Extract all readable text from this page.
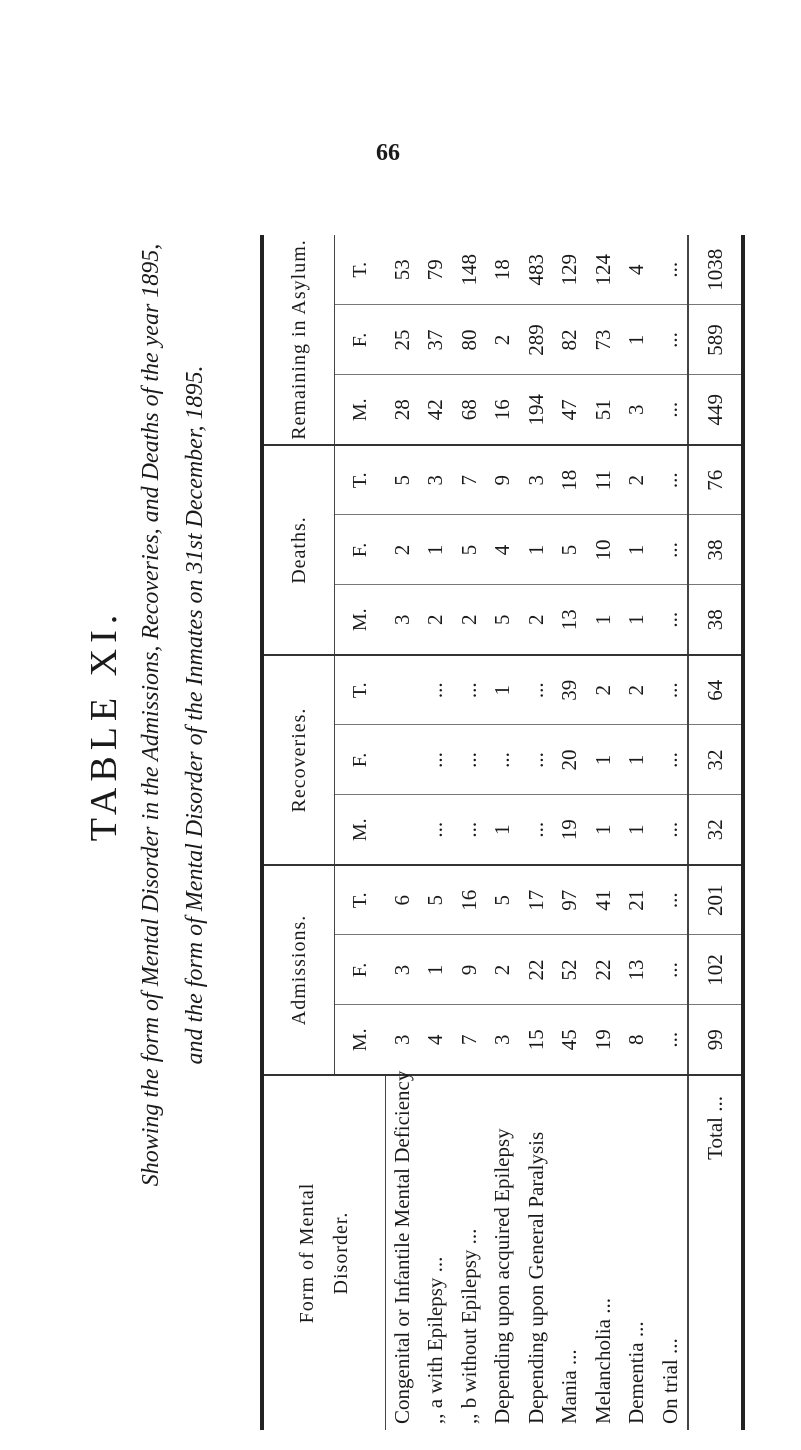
66
TABLE XI. Showing the form of Mental Disorder in the Admissions, Recoveries, and Deaths of the year 1895, and the form of Mental Disorder of the Inmates on 31st December, 1895.
Form of Mental Disorder.	Admissions.			Recoveries.			Deaths.			Remaining in Asylum.		
	M.	F.	T.	M.	F.	T.	M.	F.	T.	M.	F.	T.
Congenital or Infantile Mental Deficiency	3	3	6				3	2	5	28	25	53
,, a with Epilepsy ...	4	1	5	...	...	...	2	1	3	42	37	79
,, b without Epilepsy ...	7	9	16	...	...	...	2	5	7	68	80	148
Depending upon acquired Epilepsy	3	2	5	1	...	1	5	4	9	16	2	18
Depending upon General Paralysis	15	22	17	...	...	...	2	1	3	194	289	483
Mania ...	45	52	97	19	20	39	13	5	18	47	82	129
Melancholia ...	19	22	41	1	1	2	1	10	11	51	73	124
Dementia ...	8	13	21	1	1	2	1	1	2	3	1	4
On trial ...	...	...	...	...	...	...	...	...	...	...	...	...
Total ...	99	102	201	32	32	64	38	38	76	449	589	1038
